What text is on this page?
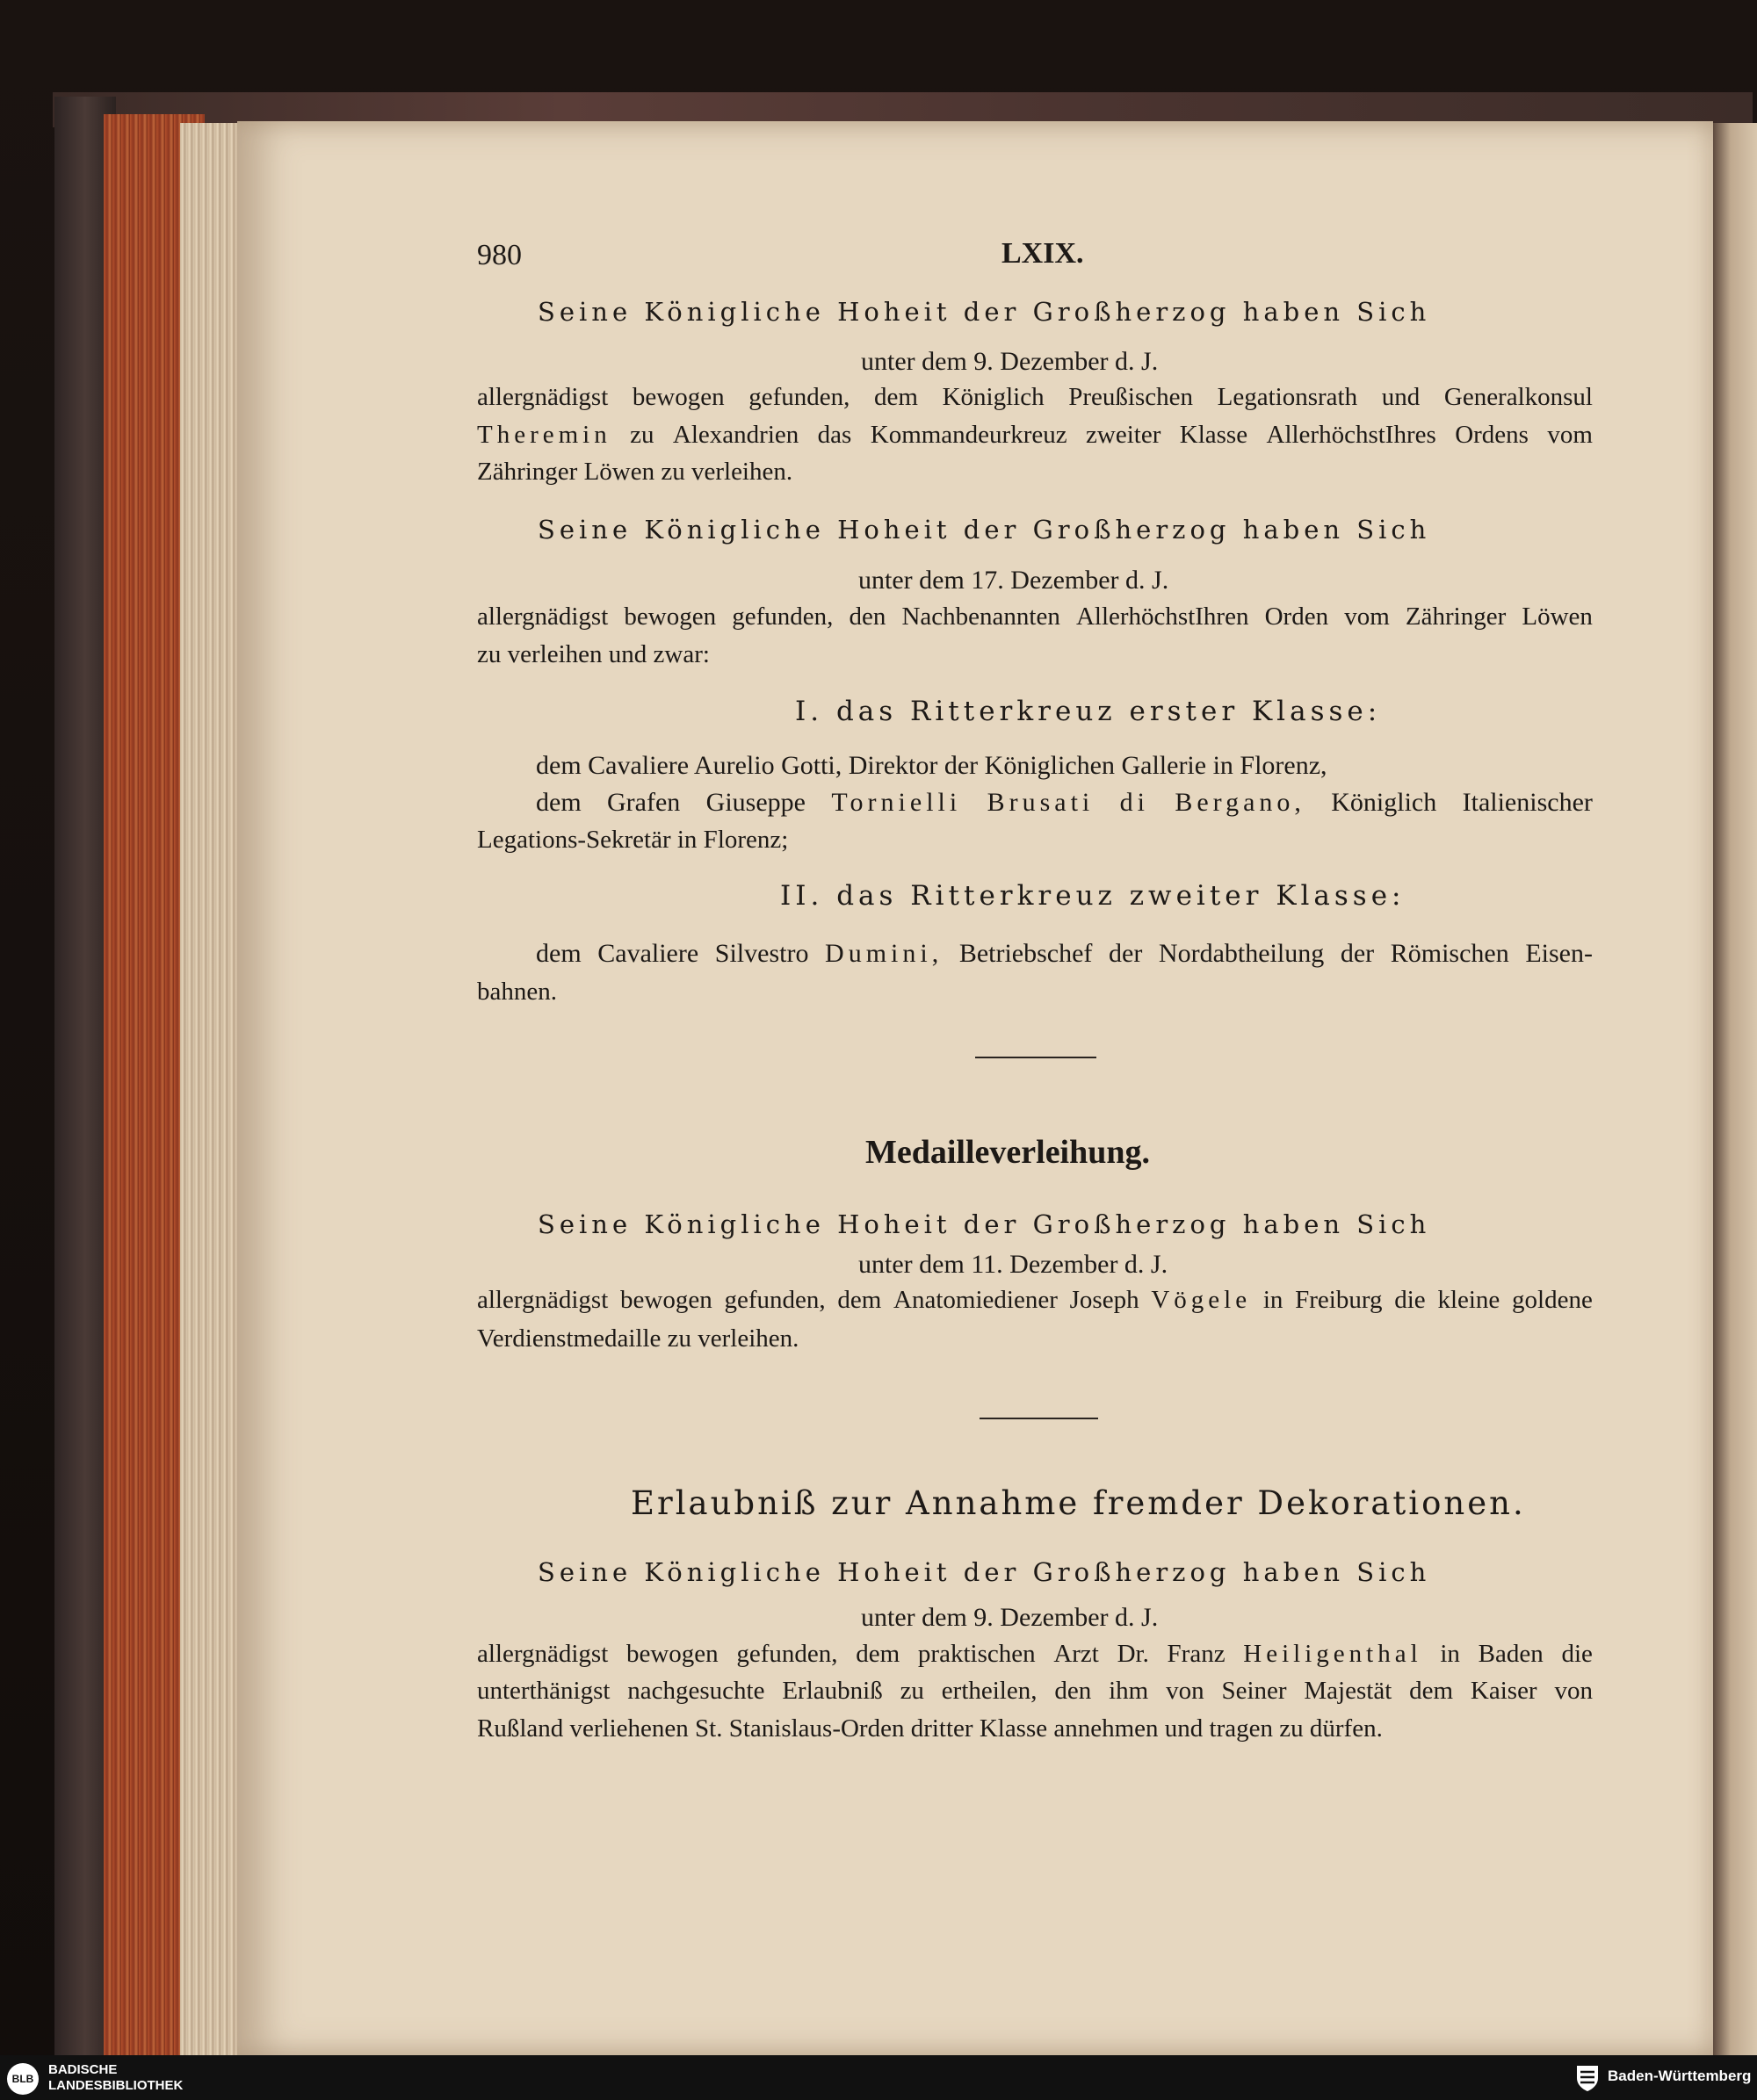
980	LXIX.
Seine Königliche Hoheit der Großherzog haben Sich
unter dem 9. Dezember d. J.
allergnädigst bewogen gefunden, dem Königlich Preußischen Legationsrath und Generalkonsul
Theremin zu Alexandrien das Kommandeurkreuz zweiter Klasse AllerhöchstIhres Ordens vom
Zähringer Löwen zu verleihen.
Seine Königliche Hoheit der Großherzog haben Sich
unter dem 17. Dezember d. J.
allergnädigst bewogen gefunden, den Nachbenannten AllerhöchstIhren Orden vom Zähringer Löwen
zu verleihen und zwar:
I. das Ritterkreuz erster Klasse:
dem Cavaliere Aurelio Gotti, Direktor der Königlichen Gallerie in Florenz,
dem Grafen Giuseppe Tornielli Brusati di Bergano, Königlich Italienischer
Legations-Sekretär in Florenz;
II. das Ritterkreuz zweiter Klasse:
dem Cavaliere Silvestro Dumini, Betriebschef der Nordabtheilung der Römischen Eisen-
bahnen.
Medailleverleihung.
Seine Königliche Hoheit der Großherzog haben Sich
unter dem 11. Dezember d. J.
allergnädigst bewogen gefunden, dem Anatomiediener Joseph Vögele in Freiburg die kleine goldene
Verdienstmedaille zu verleihen.
Erlaubniß zur Annahme fremder Dekorationen.
Seine Königliche Hoheit der Großherzog haben Sich
unter dem 9. Dezember d. J.
allergnädigst bewogen gefunden, dem praktischen Arzt Dr. Franz Heiligenthal in Baden die
unterthänigst nachgesuchte Erlaubniß zu ertheilen, den ihm von Seiner Majestät dem Kaiser von
Rußland verliehenen St. Stanislaus-Orden dritter Klasse annehmen und tragen zu dürfen.
BLB
BADISCHE
LANDESBIBLIOTHEK
Baden-Württemberg
